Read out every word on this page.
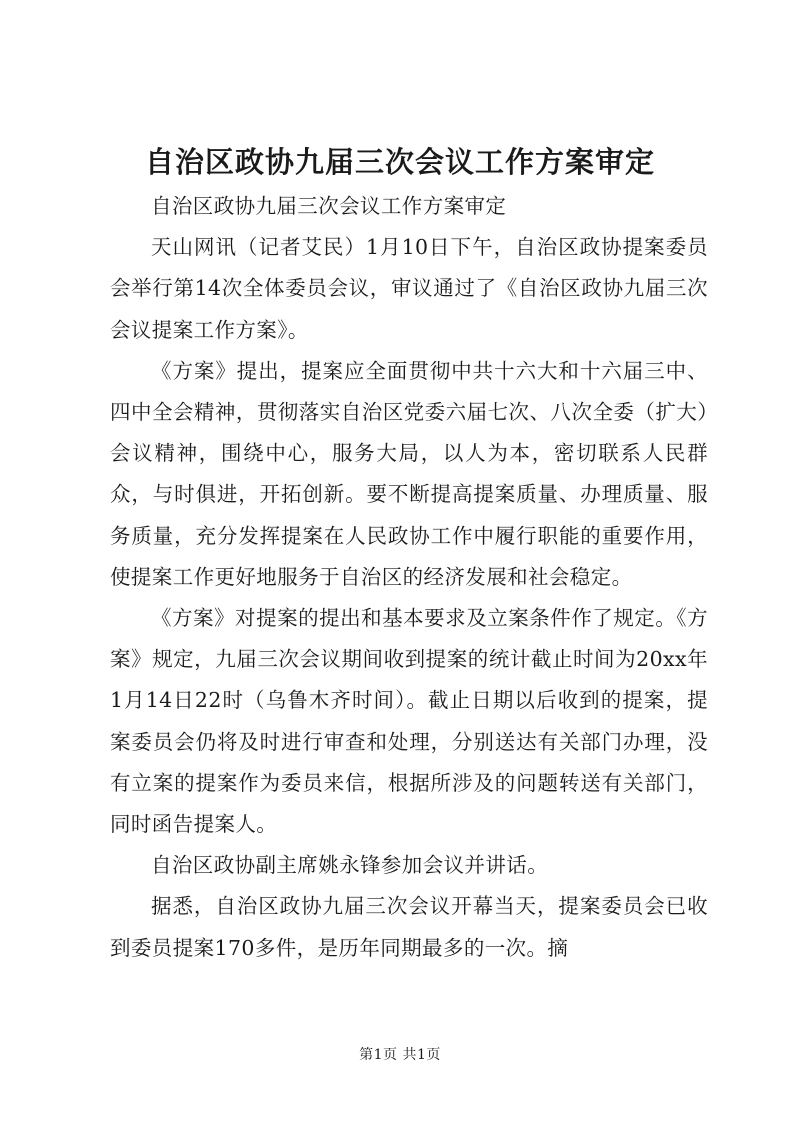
自治区政协九届三次会议工作方案审定

自治区政协九届三次会议工作方案审定

天山网讯（记者艾民）1月10日下午，自治区政协提案委员会举行第14次全体委员会议，审议通过了《自治区政协九届三次会议提案工作方案》。

《方案》提出，提案应全面贯彻中共十六大和十六届三中、四中全会精神，贯彻落实自治区党委六届七次、八次全委（扩大）会议精神，围绕中心，服务大局，以人为本，密切联系人民群众，与时俱进，开拓创新。要不断提高提案质量、办理质量、服务质量，充分发挥提案在人民政协工作中履行职能的重要作用，使提案工作更好地服务于自治区的经济发展和社会稳定。

《方案》对提案的提出和基本要求及立案条件作了规定。《方案》规定，九届三次会议期间收到提案的统计截止时间为20xx年1月14日22时（乌鲁木齐时间）。截止日期以后收到的提案，提案委员会仍将及时进行审查和处理，分别送达有关部门办理，没有立案的提案作为委员来信，根据所涉及的问题转送有关部门，同时函告提案人。

自治区政协副主席姚永锋参加会议并讲话。

据悉，自治区政协九届三次会议开幕当天，提案委员会已收到委员提案170多件，是历年同期最多的一次。摘

第1页 共1页
